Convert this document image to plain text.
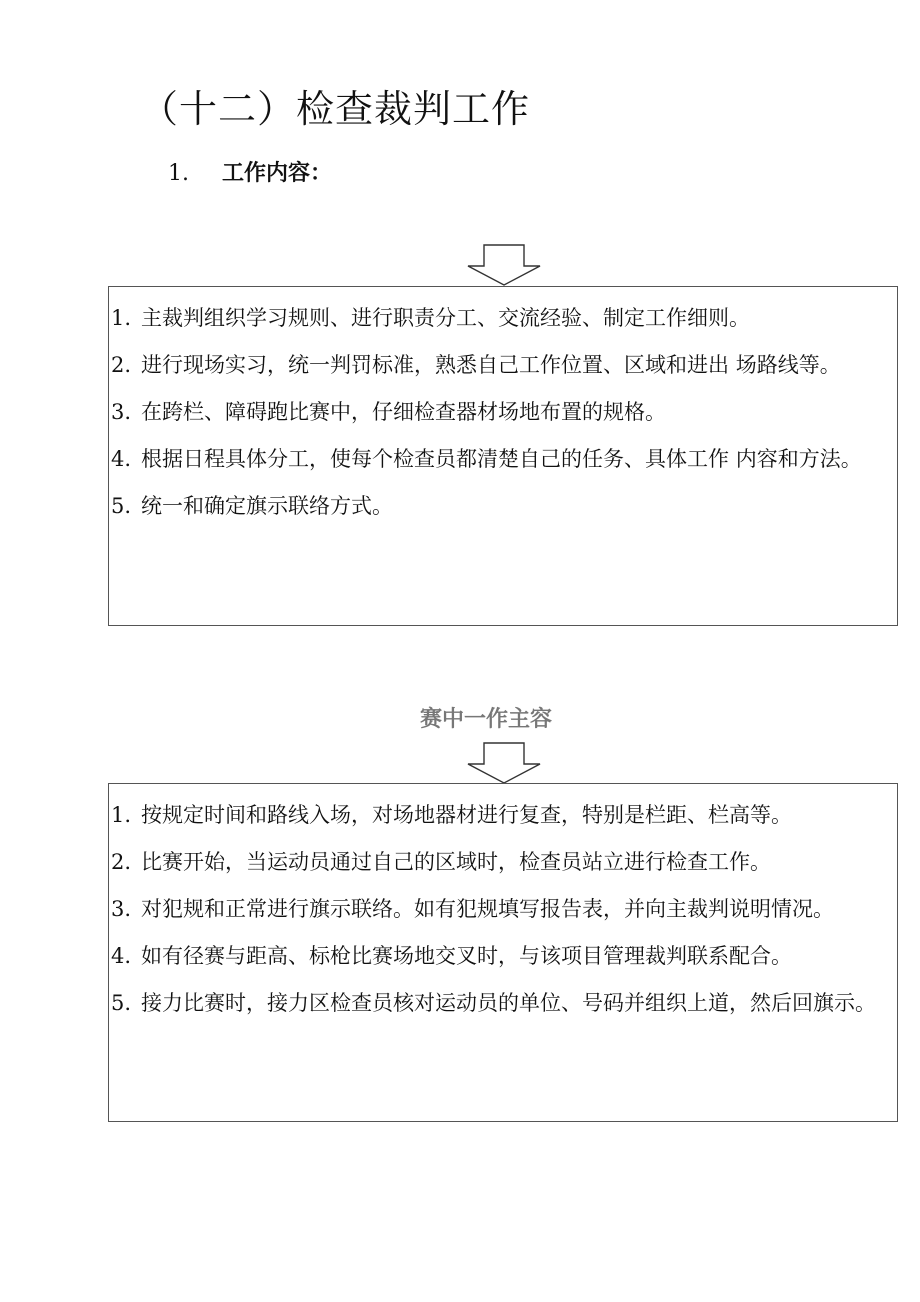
（十二）检查裁判工作
1. 工作内容：
1. 主裁判组织学习规则、进行职责分工、交流经验、制定工作细则。
2. 进行现场实习，统一判罚标准，熟悉自己工作位置、区域和进出 场路线等。
3. 在跨栏、障碍跑比赛中，仔细检查器材场地布置的规格。
4. 根据日程具体分工，使每个检查员都清楚自己的任务、具体工作 内容和方法。
5. 统一和确定旗示联络方式。
赛中一作主容
1. 按规定时间和路线入场，对场地器材进行复查，特别是栏距、栏高等。
2. 比赛开始，当运动员通过自己的区域时，检查员站立进行检查工作。
3. 对犯规和正常进行旗示联络。如有犯规填写报告表，并向主裁判说明情况。
4. 如有径赛与距高、标枪比赛场地交叉时，与该项目管理裁判联系配合。
5. 接力比赛时，接力区检查员核对运动员的单位、号码并组织上道，然后回旗示。
